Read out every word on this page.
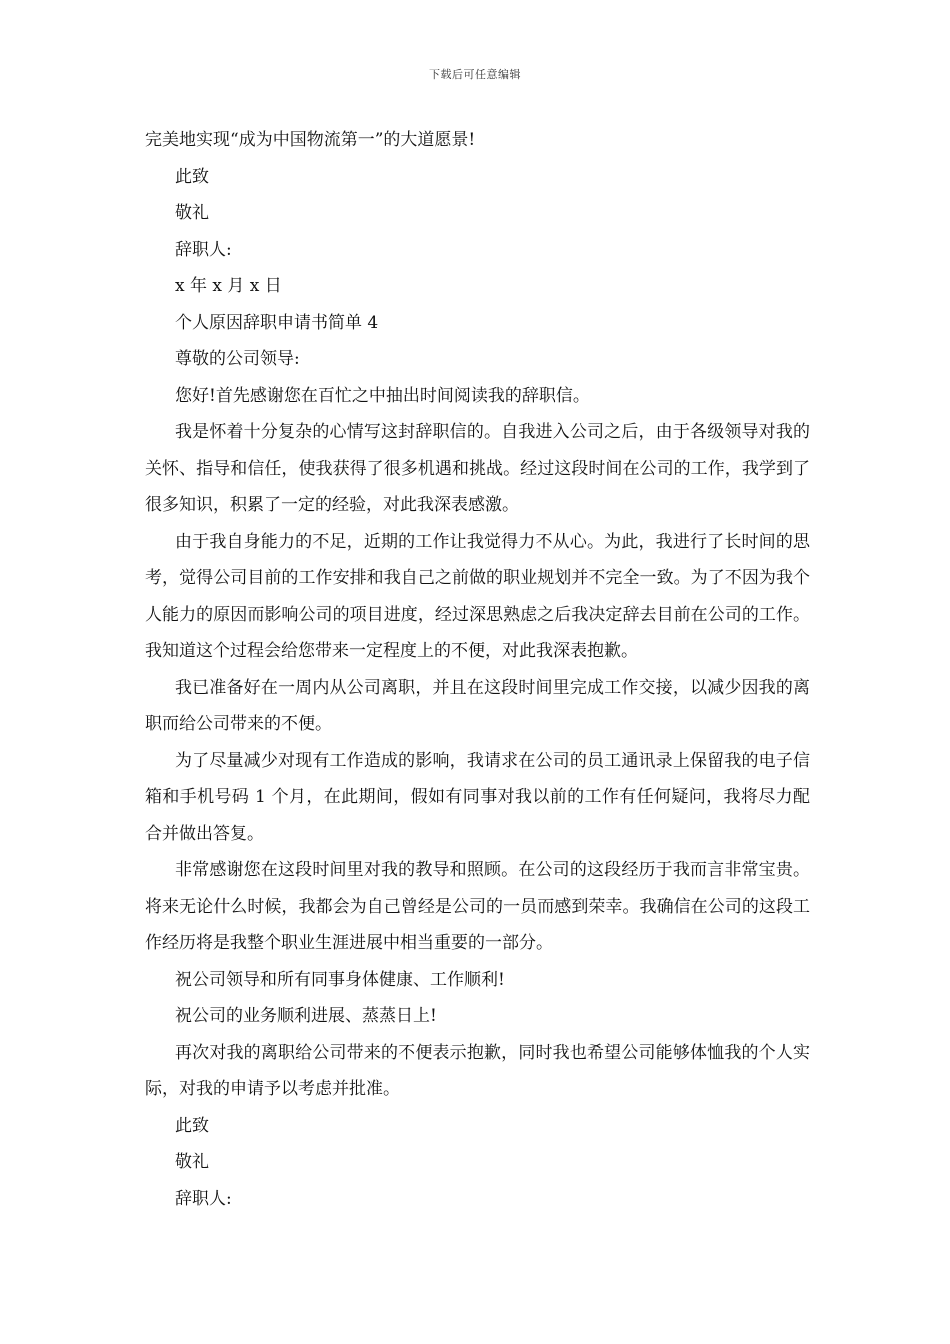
下载后可任意编辑

完美地实现“成为中国物流第一”的大道愿景!

此致

敬礼

辞职人:

x 年 x 月 x 日

个人原因辞职申请书简单 4

尊敬的公司领导:

您好!首先感谢您在百忙之中抽出时间阅读我的辞职信。

我是怀着十分复杂的心情写这封辞职信的。自我进入公司之后，由于各级领导对我的关怀、指导和信任，使我获得了很多机遇和挑战。经过这段时间在公司的工作，我学到了很多知识，积累了一定的经验，对此我深表感激。

由于我自身能力的不足，近期的工作让我觉得力不从心。为此，我进行了长时间的思考，觉得公司目前的工作安排和我自己之前做的职业规划并不完全一致。为了不因为我个人能力的原因而影响公司的项目进度，经过深思熟虑之后我决定辞去目前在公司的工作。我知道这个过程会给您带来一定程度上的不便，对此我深表抱歉。

我已准备好在一周内从公司离职，并且在这段时间里完成工作交接，以减少因我的离职而给公司带来的不便。

为了尽量减少对现有工作造成的影响，我请求在公司的员工通讯录上保留我的电子信箱和手机号码 1 个月，在此期间，假如有同事对我以前的工作有任何疑问，我将尽力配合并做出答复。

非常感谢您在这段时间里对我的教导和照顾。在公司的这段经历于我而言非常宝贵。将来无论什么时候，我都会为自己曾经是公司的一员而感到荣幸。我确信在公司的这段工作经历将是我整个职业生涯进展中相当重要的一部分。

祝公司领导和所有同事身体健康、工作顺利!

祝公司的业务顺利进展、蒸蒸日上!

再次对我的离职给公司带来的不便表示抱歉，同时我也希望公司能够体恤我的个人实际，对我的申请予以考虑并批准。

此致

敬礼

辞职人:
